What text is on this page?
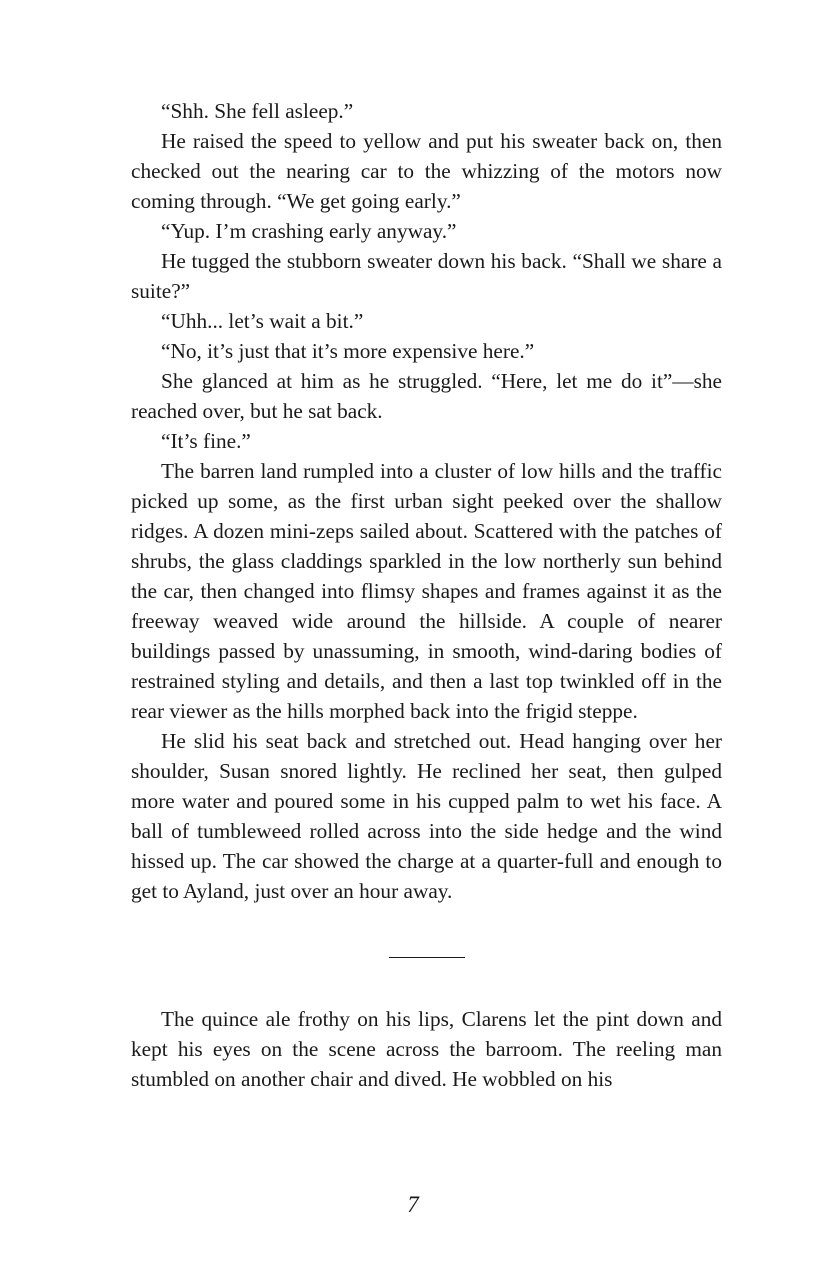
“Shh. She fell asleep.”

He raised the speed to yellow and put his sweater back on, then checked out the nearing car to the whizzing of the motors now coming through. “We get going early.”

“Yup. I’m crashing early anyway.”

He tugged the stubborn sweater down his back. “Shall we share a suite?”

“Uhh... let’s wait a bit.”

“No, it’s just that it’s more expensive here.”

She glanced at him as he struggled. “Here, let me do it”—she reached over, but he sat back.

“It’s fine.”

The barren land rumpled into a cluster of low hills and the traffic picked up some, as the first urban sight peeked over the shallow ridges. A dozen mini-zeps sailed about. Scattered with the patches of shrubs, the glass claddings sparkled in the low northerly sun behind the car, then changed into flimsy shapes and frames against it as the freeway weaved wide around the hillside. A couple of nearer buildings passed by unassuming, in smooth, wind-daring bodies of restrained styling and details, and then a last top twinkled off in the rear viewer as the hills morphed back into the frigid steppe.

He slid his seat back and stretched out. Head hanging over her shoulder, Susan snored lightly. He reclined her seat, then gulped more water and poured some in his cupped palm to wet his face. A ball of tumbleweed rolled across into the side hedge and the wind hissed up. The car showed the charge at a quarter-full and enough to get to Ayland, just over an hour away.

The quince ale frothy on his lips, Clarens let the pint down and kept his eyes on the scene across the barroom. The reeling man stumbled on another chair and dived. He wobbled on his

7
